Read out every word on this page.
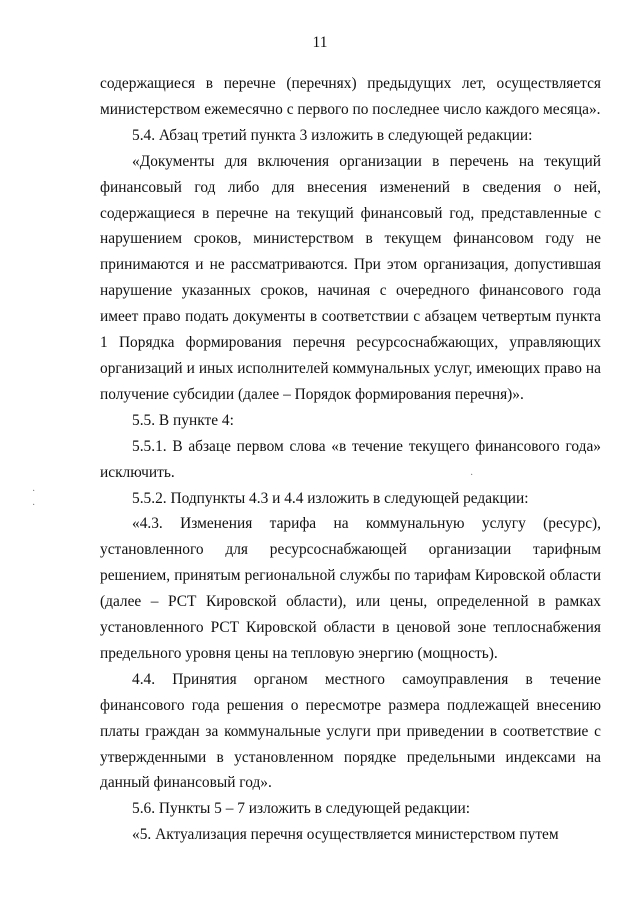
11

содержащиеся в перечне (перечнях) предыдущих лет, осуществляется министерством ежемесячно с первого по последнее число каждого месяца».

5.4. Абзац третий пункта 3 изложить в следующей редакции:

«Документы для включения организации в перечень на текущий финансовый год либо для внесения изменений в сведения о ней, содержащиеся в перечне на текущий финансовый год, представленные с нарушением сроков, министерством в текущем финансовом году не принимаются и не рассматриваются. При этом организация, допустившая нарушение указанных сроков, начиная с очередного финансового года имеет право подать документы в соответствии с абзацем четвертым пункта 1 Порядка формирования перечня ресурсоснабжающих, управляющих организаций и иных исполнителей коммунальных услуг, имеющих право на получение субсидии (далее – Порядок формирования перечня)».

5.5. В пункте 4:

5.5.1. В абзаце первом слова «в течение текущего финансового года» исключить.

5.5.2. Подпункты 4.3 и 4.4 изложить в следующей редакции:

«4.3. Изменения тарифа на коммунальную услугу (ресурс), установленного для ресурсоснабжающей организации тарифным решением, принятым региональной службы по тарифам Кировской области (далее – РСТ Кировской области), или цены, определенной в рамках установленного РСТ Кировской области в ценовой зоне теплоснабжения предельного уровня цены на тепловую энергию (мощность).

4.4. Принятия органом местного самоуправления в течение финансового года решения о пересмотре размера подлежащей внесению платы граждан за коммунальные услуги при приведении в соответствие с утвержденными в установленном порядке предельными индексами на данный финансовый год».

5.6. Пункты 5 – 7 изложить в следующей редакции:

«5. Актуализация перечня осуществляется министерством путем

·
·
·
